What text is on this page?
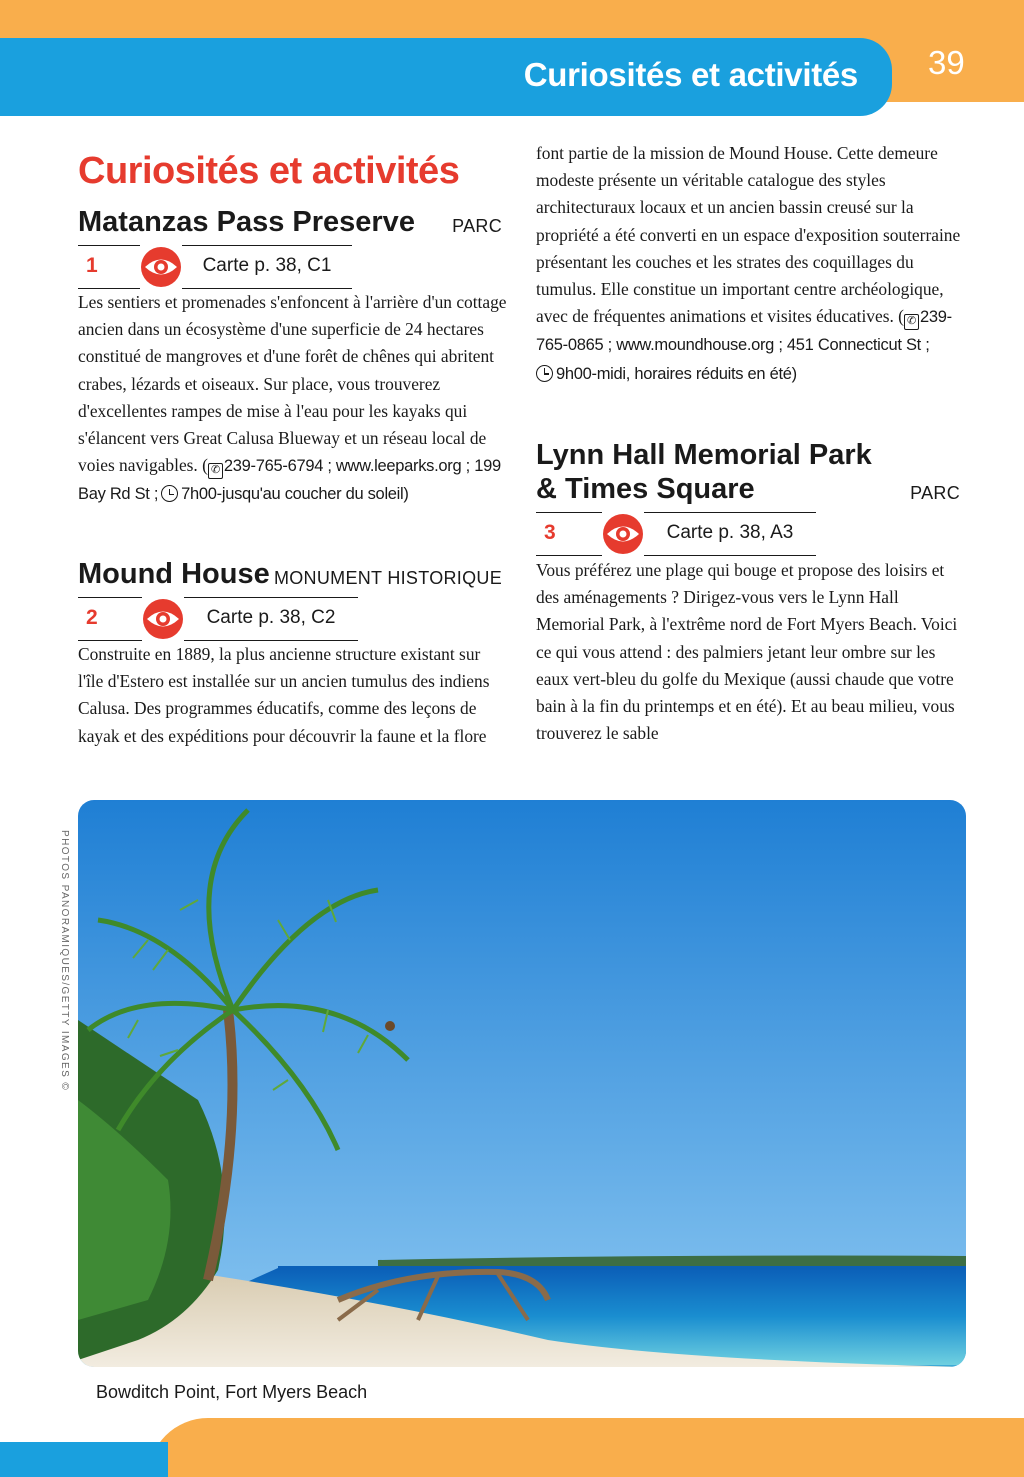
Curiosités et activités 39
Curiosités et activités
Matanzas Pass Preserve	PARC
1	Carte p. 38, C1
Les sentiers et promenades s'enfoncent à l'arrière d'un cottage ancien dans un écosystème d'une superficie de 24 hectares constitué de mangroves et d'une forêt de chênes qui abritent crabes, lézards et oiseaux. Sur place, vous trouverez d'excellentes rampes de mise à l'eau pour les kayaks qui s'élancent vers Great Calusa Blueway et un réseau local de voies navigables. ( ✆ 239-765-6794 ; www.leeparks.org ; 199 Bay Rd St ; 7h00-jusqu'au coucher du soleil)
Mound House MONUMENT HISTORIQUE
2	Carte p. 38, C2
Construite en 1889, la plus ancienne structure existant sur l'île d'Estero est installée sur un ancien tumulus des indiens Calusa. Des programmes éducatifs, comme des leçons de kayak et des expéditions pour découvrir la faune et la flore
font partie de la mission de Mound House. Cette demeure modeste présente un véritable catalogue des styles architecturaux locaux et un ancien bassin creusé sur la propriété a été converti en un espace d'exposition souterraine présentant les couches et les strates des coquillages du tumulus. Elle constitue un important centre archéologique, avec de fréquentes animations et visites éducatives. ( ✆ 239-765-0865 ; www.moundhouse.org ; 451 Connecticut St ;
9h00-midi, horaires réduits en été)
Lynn Hall Memorial Park
& Times Square	PARC
3	Carte p. 38, A3
Vous préférez une plage qui bouge et propose des loisirs et des aménagements ? Dirigez-vous vers le Lynn Hall Memorial Park, à l'extrême nord de Fort Myers Beach. Voici ce qui vous attend : des palmiers jetant leur ombre sur les eaux vert-bleu du golfe du Mexique (aussi chaude que votre bain à la fin du printemps et en été). Et au beau milieu, vous trouverez le sable
PHOTOS PANORAMIQUES/GETTY IMAGES ©
Bowditch Point, Fort Myers Beach
